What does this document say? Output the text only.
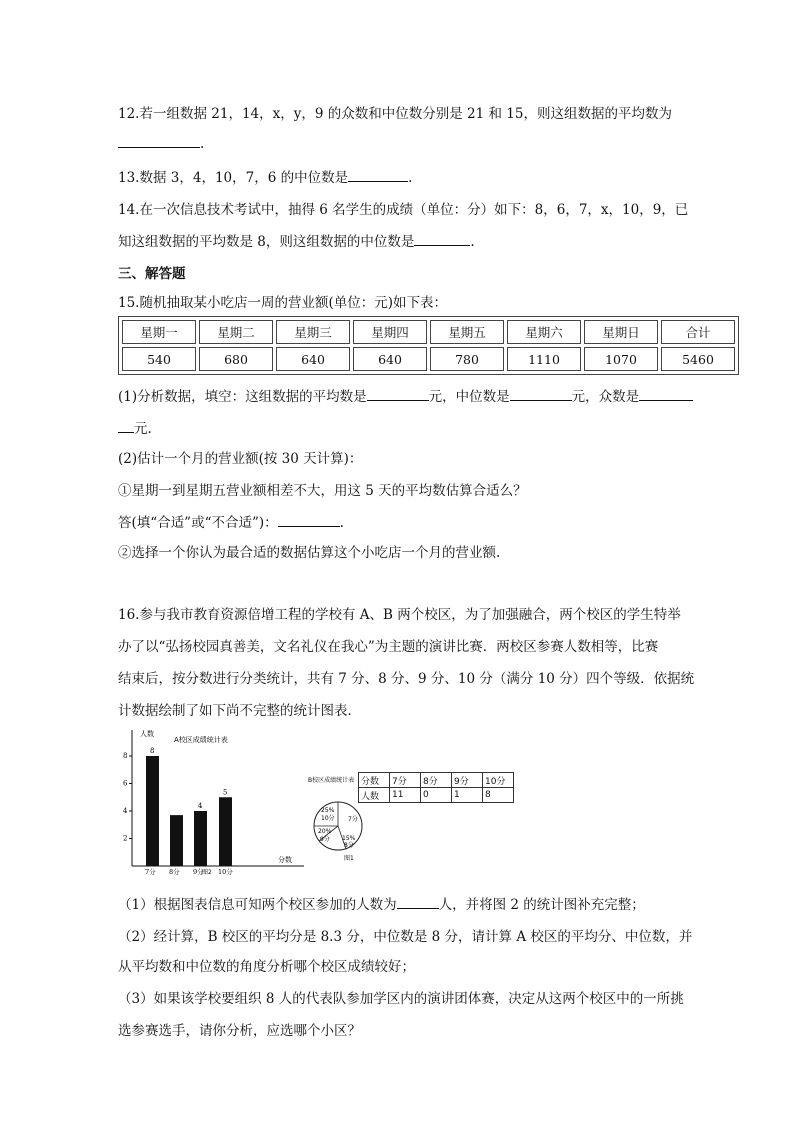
12.若一组数据 21，14，x，y，9 的众数和中位数分别是 21 和 15，则这组数据的平均数为
.
13.数据 3，4，10，7，6 的中位数是	.
14.在一次信息技术考试中，抽得 6 名学生的成绩（单位：分）如下：8，6，7，x，10，9，已
知这组数据的平均数是 8，则这组数据的中位数是	.
三、解答题
15.随机抽取某小吃店一周的营业额(单位：元)如下表：
星期一	星期二	星期三	星期四	星期五	星期六	星期日	合计
540	680	640	640	780	1110	1070	5460
(1)分析数据，填空：这组数据的平均数是	元，中位数是	元，众数是
元.
(2)估计一个月的营业额(按 30 天计算)：
①星期一到星期五营业额相差不大，用这 5 天的平均数估算合适么？
答(填“合适”或“不合适”)：	.
②选择一个你认为最合适的数据估算这个小吃店一个月的营业额.
16.参与我市教育资源倍增工程的学校有 A、B 两个校区，为了加强融合，两个校区的学生特举
办了以“弘扬校园真善美，文名礼仪在我心”为主题的演讲比赛．两校区参赛人数相等，比赛
结束后，按分数进行分类统计，共有 7 分、8 分、9 分、10 分（满分 10 分）四个等级．依据统
计数据绘制了如下尚不完整的统计图表．
人数
A校区成绩统计表
分数
图2
2
4
6
8
7分
8
8分 9分
4
10分
5
B校区成绩统计表
25%
10分
20%
9分 15%
8分
7分
图1
分数	7分	8分	9分	10分
人数	11	0	1	8
（1）根据图表信息可知两个校区参加的人数为	人，并将图 2 的统计图补充完整；
（2）经计算，B 校区的平均分是 8.3 分，中位数是 8 分，请计算 A 校区的平均分、中位数，并
从平均数和中位数的角度分析哪个校区成绩较好；
（3）如果该学校要组织 8 人的代表队参加学区内的演讲团体赛，决定从这两个校区中的一所挑
选参赛选手，请你分析，应选哪个小区？
